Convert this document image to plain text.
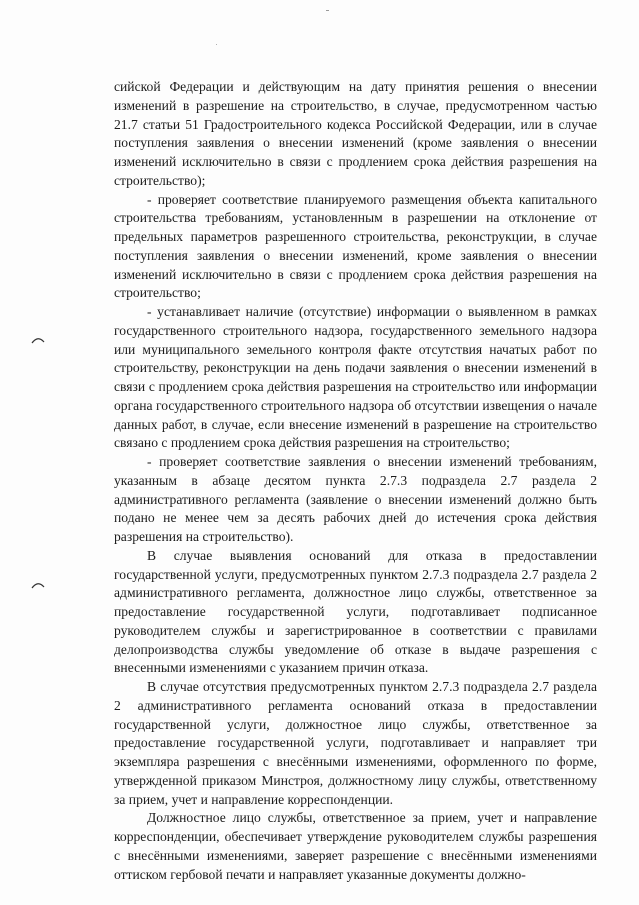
сийской Федерации и действующим на дату принятия решения о внесении изменений в разрешение на строительство, в случае, предусмотренном частью 21.7 статьи 51 Градостроительного кодекса Российской Федерации, или в случае поступления заявления о внесении изменений (кроме заявления о внесении изменений исключительно в связи с продлением срока действия разрешения на строительство);

- проверяет соответствие планируемого размещения объекта капитального строительства требованиям, установленным в разрешении на отклонение от предельных параметров разрешенного строительства, реконструкции, в случае поступления заявления о внесении изменений, кроме заявления о внесении изменений исключительно в связи с продлением срока действия разрешения на строительство;

- устанавливает наличие (отсутствие) информации о выявленном в рамках государственного строительного надзора, государственного земельного надзора или муниципального земельного контроля факте отсутствия начатых работ по строительству, реконструкции на день подачи заявления о внесении изменений в связи с продлением срока действия разрешения на строительство или информации органа государственного строительного надзора об отсутствии извещения о начале данных работ, в случае, если внесение изменений в разрешение на строительство связано с продлением срока действия разрешения на строительство;

- проверяет соответствие заявления о внесении изменений требованиям, указанным в абзаце десятом пункта 2.7.3 подраздела 2.7 раздела 2 административного регламента (заявление о внесении изменений должно быть подано не менее чем за десять рабочих дней до истечения срока действия разрешения на строительство).

В случае выявления оснований для отказа в предоставлении государственной услуги, предусмотренных пунктом 2.7.3 подраздела 2.7 раздела 2 административного регламента, должностное лицо службы, ответственное за предоставление государственной услуги, подготавливает подписанное руководителем службы и зарегистрированное в соответствии с правилами делопроизводства службы уведомление об отказе в выдаче разрешения с внесенными изменениями с указанием причин отказа.

В случае отсутствия предусмотренных пунктом 2.7.3 подраздела 2.7 раздела 2 административного регламента оснований отказа в предоставлении государственной услуги, должностное лицо службы, ответственное за предоставление государственной услуги, подготавливает и направляет три экземпляра разрешения с внесёнными изменениями, оформленного по форме, утвержденной приказом Минстроя, должностному лицу службы, ответственному за прием, учет и направление корреспонденции.

Должностное лицо службы, ответственное за прием, учет и направление корреспонденции, обеспечивает утверждение руководителем службы разрешения с внесёнными изменениями, заверяет разрешение с внесёнными изменениями оттиском гербовой печати и направляет указанные документы должно-
